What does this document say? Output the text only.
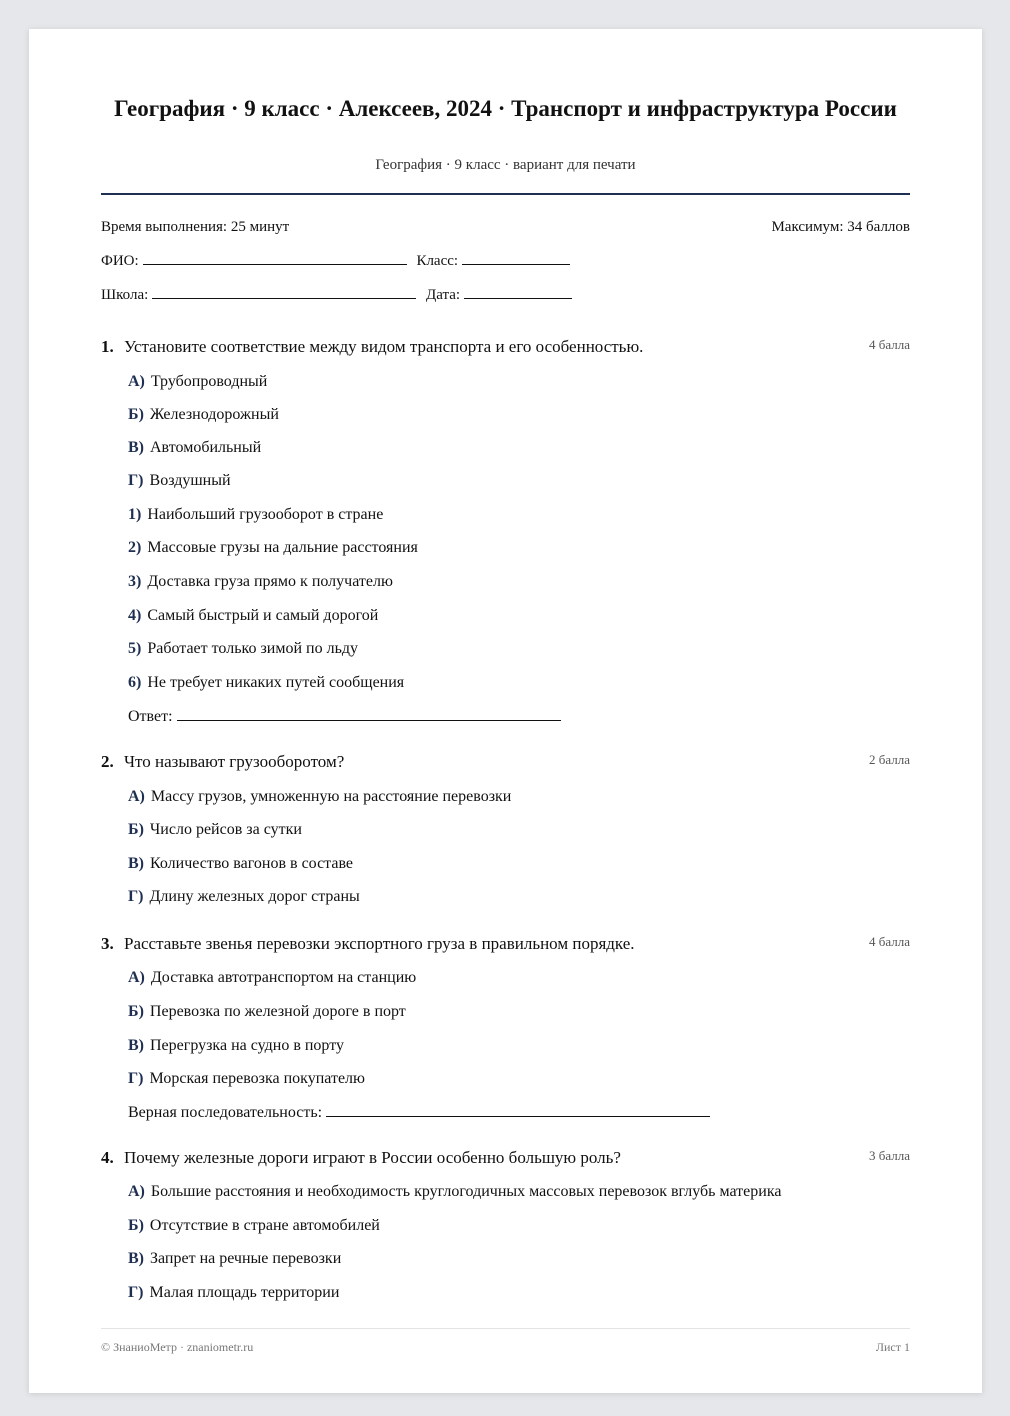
География · 9 класс · Алексеев, 2024 · Транспорт и инфраструктура России
География · 9 класс · вариант для печати
Время выполнения: 25 минут	Максимум: 34 баллов
ФИО:	Класс:
Школа:	Дата:
1. Установите соответствие между видом транспорта и его особенностью.	4 балла
А) Трубопроводный
Б) Железнодорожный
В) Автомобильный
Г) Воздушный
1) Наибольший грузооборот в стране
2) Массовые грузы на дальние расстояния
3) Доставка груза прямо к получателю
4) Самый быстрый и самый дорогой
5) Работает только зимой по льду
6) Не требует никаких путей сообщения
Ответ:
2. Что называют грузооборотом?	2 балла
А) Массу грузов, умноженную на расстояние перевозки
Б) Число рейсов за сутки
В) Количество вагонов в составе
Г) Длину железных дорог страны
3. Расставьте звенья перевозки экспортного груза в правильном порядке.	4 балла
А) Доставка автотранспортом на станцию
Б) Перевозка по железной дороге в порт
В) Перегрузка на судно в порту
Г) Морская перевозка покупателю
Верная последовательность:
4. Почему железные дороги играют в России особенно большую роль?	3 балла
А) Большие расстояния и необходимость круглогодичных массовых перевозок вглубь материка
Б) Отсутствие в стране автомобилей
В) Запрет на речные перевозки
Г) Малая площадь территории
© ЗнаниоМетр · znaniometr.ru	Лист 1
